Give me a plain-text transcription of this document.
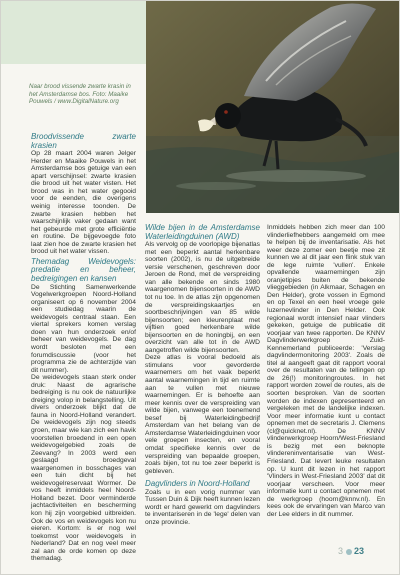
Naar brood vissende zwarte krasin in het Amsterdamse bos. Foto: Maaike Pouwels / www.DigitalNature.org
Broodvissende zwarte krasien

Op 28 maart 2004 waren Jelger Herder en Maaike Pouwels in het Amsterdamse bos getuige van een apart verschijnsel: zwarte krasien die brood uit het water visten. Het brood was in het water gegooid voor de eenden, die overigens weinig interesse toonden. De zwarte krasien hebben het waarschijnlijk vaker gedaan want het gebeurde met grote efficiëntie en routine. De bijgevoegde foto laat zien hoe de zwarte krasien het brood uit het water vissen.

Themadag Weidevogels: predatie en beheer, bedreigingen en kansen

De Stichting Samenwerkende Vogelwerkgroepen Noord-Holland organiseert op 6 november 2004 een studiedag waarin de weidevogels centraal staan. Een viertal sprekers komen verslag doen van hun onderzoek en/of beheer van weidevogels. De dag wordt besloten met een forumdiscussie (voor het programma zie de achterzijde van dit nummer).
De weidevogels staan sterk onder druk: Naast de agrarische bedreiging is nu ook de natuurlijke dreiging volop in belangstelling. Uit divers onderzoek blijkt dat de fauna in Noord-Holland verandert. De weidevogels zijn nog steeds groen, maar wie kan zich een havik voorstellen broedend in een open weidevogelgebied zoals de Zeevang? In 2003 werd een geslaagd broedgeval waargenomen in bosschages van een tuin dicht bij het weidevogelreservaat Wormer. De vos heeft inmiddels heel Noord-Holland bezet. Door verminderde jachtactiviteiten en bescherming kon hij zijn voorgebied uitbreiden. Ook de vos en weidevogels kon nu eieren. Kortom: is er nog wel toekomst voor weidevogels in Nederland? Dat en nog veel meer zal aan de orde komen op deze themadag.

Wilde bijen in de Amsterdamse Waterleidingduinen (AWD)

Als vervolg op de voorlopige bijenatlas met een beperkt aantal herkenbare soorten (2002), is nu de uitgebreide versie verschenen, geschreven door Jeroen de Rond, met de verspreiding van alle bekende en sinds 1980 waargenomen bijensoorten in de AWD tot nu toe. In de atlas zijn opgenomen de verspreidingskaartjes en soortbeschrijvingen van 85 wilde bijensoorten; een kleurenplaat met vijftien goed herkenbare wilde bijensoorten en de honingbij, en een overzicht van alle tot in de AWD aangetroffen wilde bijensoorten.
Deze atlas is vooral bedoeld als stimulans voor gevorderde waarnemers om het vaak beperkt aantal waarnemingen in tijd en ruimte aan te vullen met nieuwe waarnemingen. Er is behoefte aan meer kennis over de verspreiding van wilde bijen, vanwege een toenemend besef bij Waterleidingbedrijf Amsterdam van het belang van de Amsterdamse Waterleidingduinen voor vele groepen insecten, en vooral omdat specifieke kennis over de verspreiding van bepaalde groepen, zoals bijen, tot nu toe zeer beperkt is gebleven.

Dagvlinders in Noord-Holland

Zoals u in een vorig nummer van Tussen Duin & Dijk heeft kunnen lezen wordt er hard gewerkt om dagvlinders te inventariseren in de 'lege' delen van onze provincie.

Inmiddels hebben zich meer dan 100 vlinderliefhebbers aangemeld om mee te helpen bij de inventarisatie. Als het weer deze zomer een beetje mee zit kunnen we al dit jaar een flink stuk van de lege ruimte 'vullen'. Enkele opvallende waarnemingen zijn oranjetipjes buiten de bekende vlieggebieden (in Alkmaar, Schagen en Den Helder), grote vossen in Egmond en op Texel en een heel vroege gele luzernevlinder in Den Helder. Ook regionaal wordt intensief naar vlinders gekeken, getuige de publicatie dit voorjaar van twee rapporten. De KNNV Dagvlinderwerkgroep Zuid-Kennemerland publiceerde: 'Verslag dagvlindermonitoring 2003'. Zoals de titel al aangeeft gaat dit rapport vooral over de resultaten van de tellingen op de 26(!) monitoringroutes. In het rapport worden zowel de routes, als de soorten besproken. Van de soorten worden de indexen gepresenteerd en vergeleken met de landelijke indexen. Voor meer informatie kunt u contact opnemen met de secretaris J. Clemens (cl@quicknet.nl). De KNNV vlinderwerkgroep Hoorn/West-Friesland is bezig met een beknopte vlindereninventarisatie van West-Friesland. Dat levert leuke resultaten op. U kunt dit lezen in het rapport 'Vlinders in West-Friesland 2003' dat dit voorjaar verscheen. Voor meer informatie kunt u contact opnemen met de werkgroep (hoorn@knnv.nl). En kees ook de ervaringen van Marco van der Lee elders in dit nummer.

3 23
